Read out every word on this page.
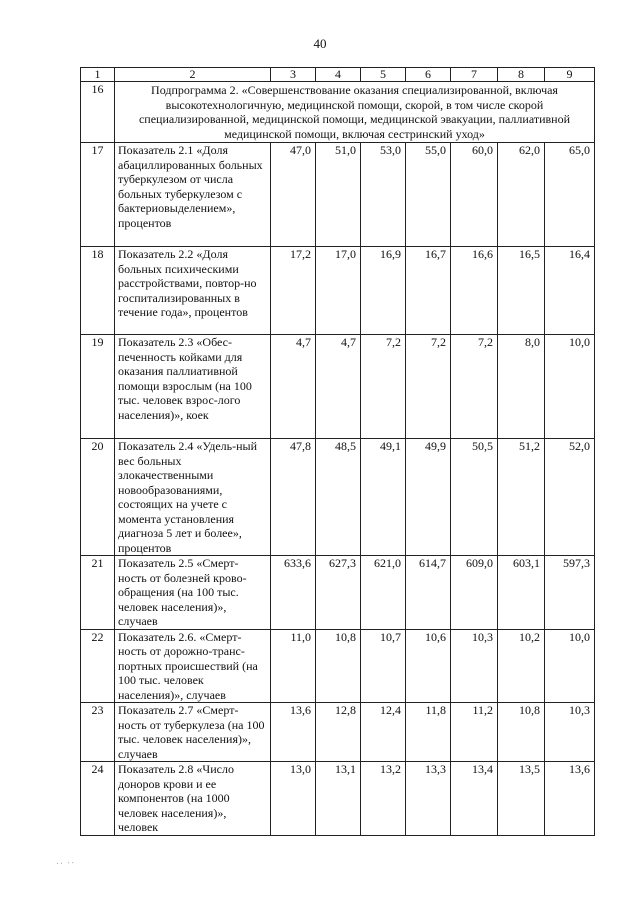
40
1	2	3	4	5	6	7	8	9
16	Подпрограмма 2. «Совершенствование оказания специализированной, включая высокотехнологичную, медицинской помощи, скорой, в том числе скорой специализированной, медицинской помощи, медицинской эвакуации, паллиативной медицинской помощи, включая сестринский уход»							
17	Показатель 2.1 «Доля абациллированных больных туберкулезом от числа больных туберкулезом с бактериовыделением», процентов	47,0	51,0	53,0	55,0	60,0	62,0	65,0
18	Показатель 2.2 «Доля больных психическими расстройствами, повтор-но госпитализированных в течение года», процентов	17,2	17,0	16,9	16,7	16,6	16,5	16,4
19	Показатель 2.3 «Обес-печенность койками для оказания паллиативной помощи взрослым (на 100 тыс. человек взрос-лого населения)», коек	4,7	4,7	7,2	7,2	7,2	8,0	10,0
20	Показатель 2.4 «Удель-ный вес больных злокачественными новообразованиями, состоящих на учете с момента установления диагноза 5 лет и более», процентов	47,8	48,5	49,1	49,9	50,5	51,2	52,0
21	Показатель 2.5 «Смерт-ность от болезней крово-обращения (на 100 тыс. человек населения)», случаев	633,6	627,3	621,0	614,7	609,0	603,1	597,3
22	Показатель 2.6. «Смерт-ность от дорожно-транс-портных происшествий (на 100 тыс. человек населения)», случаев	11,0	10,8	10,7	10,6	10,3	10,2	10,0
23	Показатель 2.7 «Смерт-ность от туберкулеза (на 100 тыс. человек населения)», случаев	13,6	12,8	12,4	11,8	11,2	10,8	10,3
24	Показатель 2.8 «Число доноров крови и ее компонентов (на 1000 человек населения)», человек	13,0	13,1	13,2	13,3	13,4	13,5	13,6
·· ··
